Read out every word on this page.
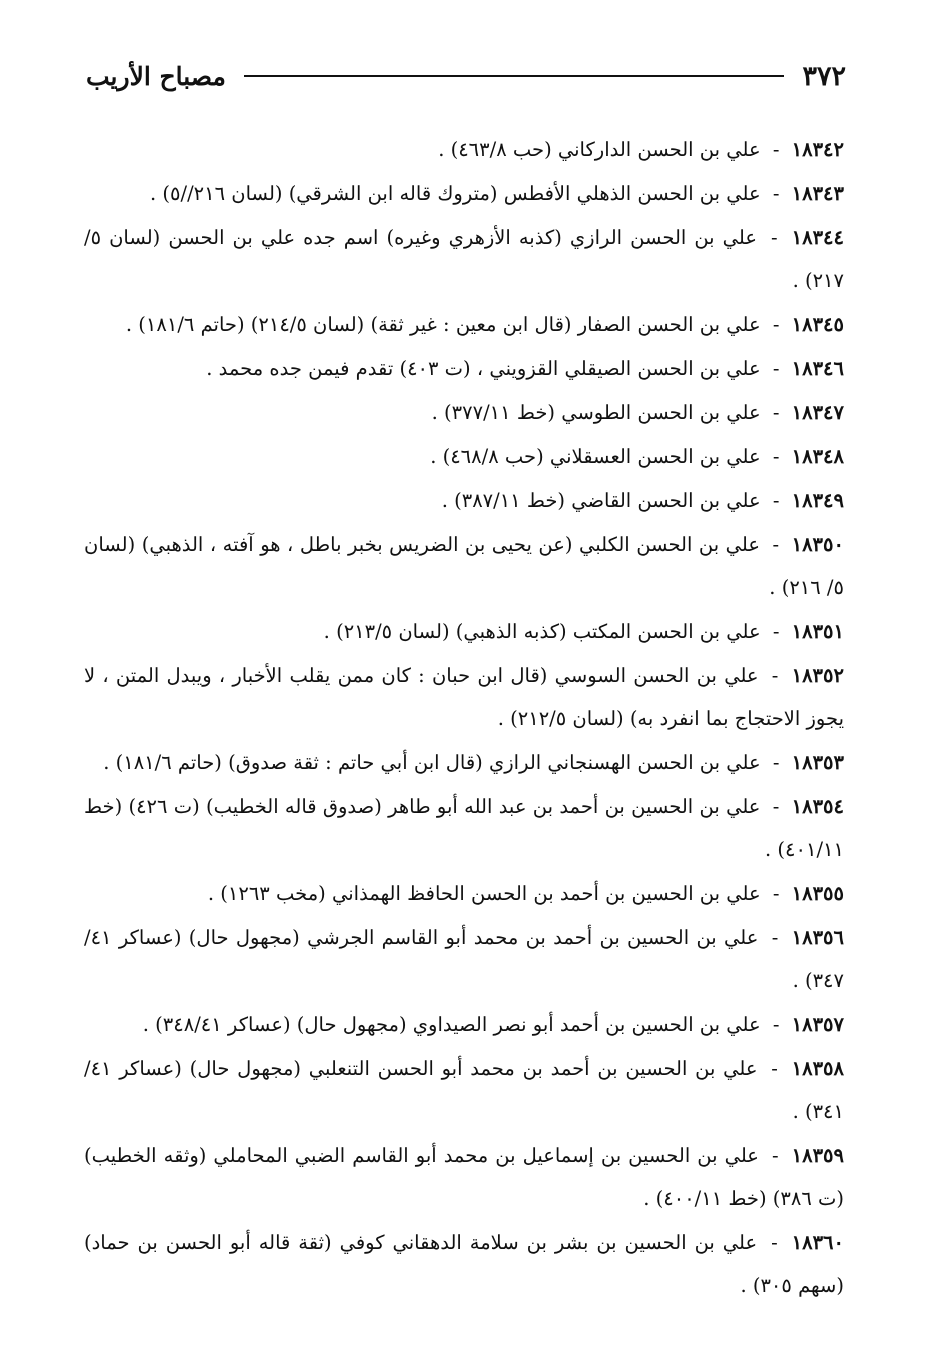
٣٧٢
مصباح الأريب
١٨٣٤٢ - علي بن الحسن الداركاني (حب ٤٦٣/٨) .
١٨٣٤٣ - علي بن الحسن الذهلي الأفطس (متروك قاله ابن الشرقي) (لسان ٢١٦//٥) .
١٨٣٤٤ - علي بن الحسن الرازي (كذبه الأزهري وغيره) اسم جده علي بن الحسن (لسان ٥/ ٢١٧) .
١٨٣٤٥ - علي بن الحسن الصفار (قال ابن معين : غير ثقة) (لسان ٢١٤/٥) (حاتم ١٨١/٦) .
١٨٣٤٦ - علي بن الحسن الصيقلي القزويني ، (ت ٤٠٣) تقدم فيمن جده محمد .
١٨٣٤٧ - علي بن الحسن الطوسي (خط ٣٧٧/١١) .
١٨٣٤٨ - علي بن الحسن العسقلاني (حب ٤٦٨/٨) .
١٨٣٤٩ - علي بن الحسن القاضي (خط ٣٨٧/١١) .
١٨٣٥٠ - علي بن الحسن الكلبي (عن يحيى بن الضريس بخبر باطل ، هو آفته ، الذهبي) (لسان ٥/ ٢١٦) .
١٨٣٥١ - علي بن الحسن المكتب (كذبه الذهبي) (لسان ٢١٣/٥) .
١٨٣٥٢ - علي بن الحسن السوسي (قال ابن حبان : كان ممن يقلب الأخبار ، ويبدل المتن ، لا يجوز الاحتجاج بما انفرد به) (لسان ٢١٢/٥) .
١٨٣٥٣ - علي بن الحسن الهسنجاني الرازي (قال ابن أبي حاتم : ثقة صدوق) (حاتم ١٨١/٦) .
١٨٣٥٤ - علي بن الحسين بن أحمد بن عبد الله أبو طاهر (صدوق قاله الخطيب) (ت ٤٢٦) (خط ٤٠١/١١) .
١٨٣٥٥ - علي بن الحسين بن أحمد بن الحسن الحافظ الهمذاني (مخب ١٢٦٣) .
١٨٣٥٦ - علي بن الحسين بن أحمد بن محمد أبو القاسم الجرشي (مجهول حال) (عساكر ٤١/ ٣٤٧) .
١٨٣٥٧ - علي بن الحسين بن أحمد أبو نصر الصيداوي (مجهول حال) (عساكر ٣٤٨/٤١) .
١٨٣٥٨ - علي بن الحسين بن أحمد بن محمد أبو الحسن التنعلبي (مجهول حال) (عساكر ٤١/ ٣٤١) .
١٨٣٥٩ - علي بن الحسين بن إسماعيل بن محمد أبو القاسم الضبي المحاملي (وثقه الخطيب) (ت ٣٨٦) (خط ٤٠٠/١١) .
١٨٣٦٠ - علي بن الحسين بن بشر بن سلامة الدهقاني كوفي (ثقة قاله أبو الحسن بن حماد) (سهم ٣٠٥) .
